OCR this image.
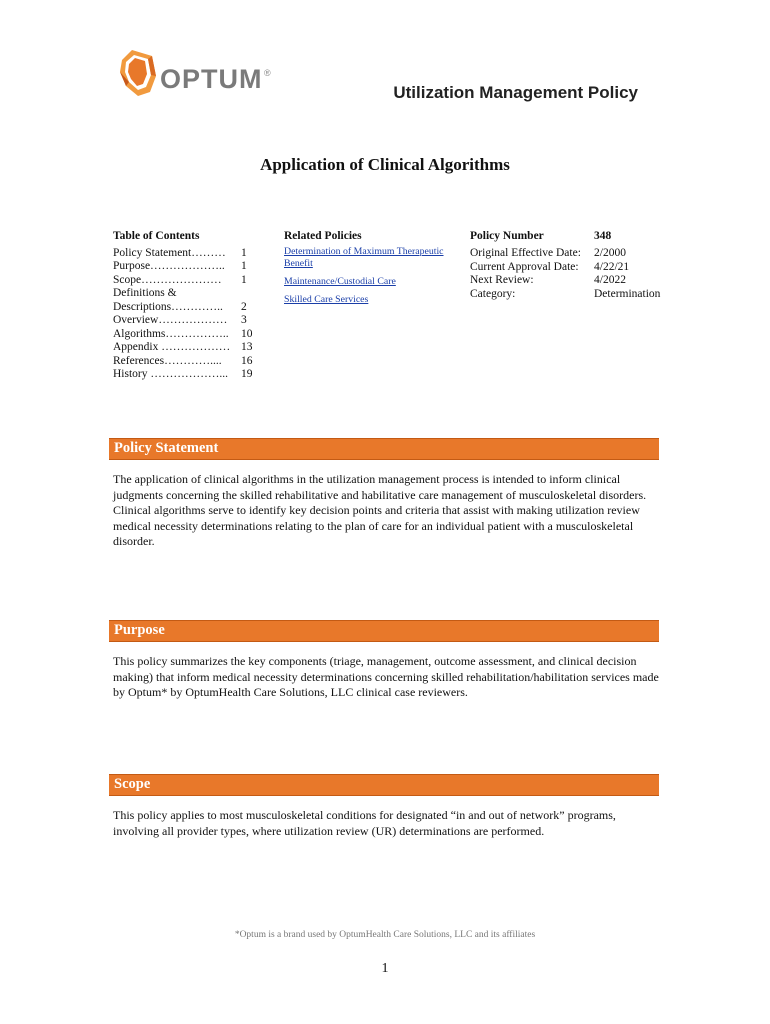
OPTUM ®
Utilization Management Policy
Application of Clinical Algorithms
Table of Contents
Policy Statement………	1
Purpose………………..	1
Scope…………………	1
Definitions &
Descriptions…………..	2
Overview………………	3
Algorithms……………..	10
Appendix ……………… 13
References…………....	16
History ………………...	19
Related Policies
Determination of Maximum Therapeutic Benefit
Maintenance/Custodial Care
Skilled Care Services
Policy Number	348
Original Effective Date:	2/2000
Current Approval Date:	4/22/21
Next Review:	4/2022
Category:	Determination
Policy Statement
The application of clinical algorithms in the utilization management process is intended to inform clinical judgments concerning the skilled rehabilitative and habilitative care management of musculoskeletal disorders. Clinical algorithms serve to identify key decision points and criteria that assist with making utilization review medical necessity determinations relating to the plan of care for an individual patient with a musculoskeletal disorder.
Purpose
This policy summarizes the key components (triage, management, outcome assessment, and clinical decision making) that inform medical necessity determinations concerning skilled rehabilitation/habilitation services made by Optum* by OptumHealth Care Solutions, LLC clinical case reviewers.
Scope
This policy applies to most musculoskeletal conditions for designated “in and out of network” programs, involving all provider types, where utilization review (UR) determinations are performed.
*Optum is a brand used by OptumHealth Care Solutions, LLC and its affiliates
1
